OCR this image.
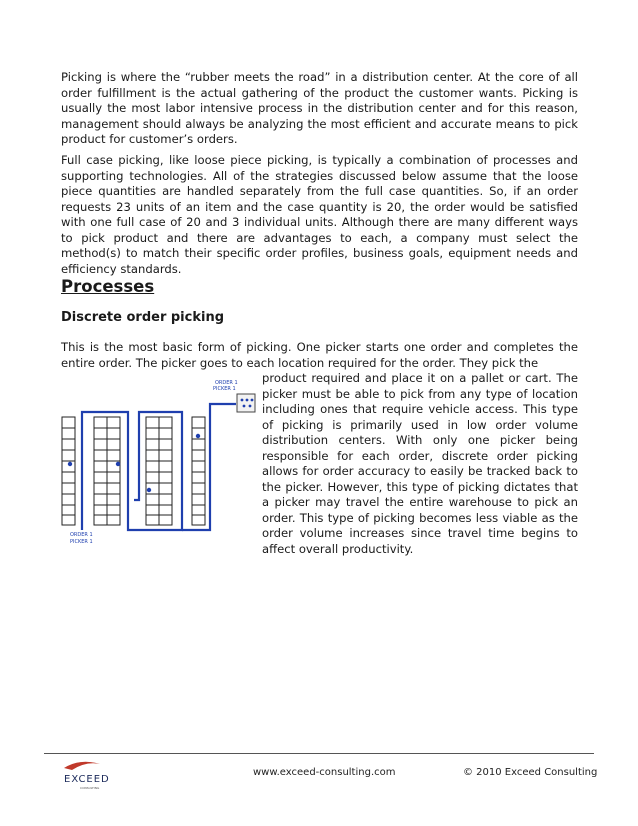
Picking is where the “rubber meets the road” in a distribution center. At the core of all order fulfillment is the actual gathering of the product the customer wants. Picking is usually the most labor intensive process in the distribution center and for this reason, management should always be analyzing the most efficient and accurate means to pick product for customer’s orders.

Full case picking, like loose piece picking, is typically a combination of processes and supporting technologies. All of the strategies discussed below assume that the loose piece quantities are handled separately from the full case quantities. So, if an order requests 23 units of an item and the case quantity is 20, the order would be satisfied with one full case of 20 and 3 individual units. Although there are many different ways to pick product and there are advantages to each, a company must select the method(s) to match their specific order profiles, business goals, equipment needs and efficiency standards.

Processes
Discrete order picking

This is the most basic form of picking. One picker starts one order and completes the entire order. The picker goes to each location required for the order. They pick the

product required and place it on a pallet or cart. The picker must be able to pick from any type of location including ones that require vehicle access. This type of picking is primarily used in low order volume distribution centers. With only one picker being responsible for each order, discrete order picking allows for order accuracy to easily be tracked back to the picker. However, this type of picking dictates that a picker may travel the entire warehouse to pick an order. This type of picking becomes less viable as the order volume increases since travel time begins to affect overall productivity.

ORDER 1
PICKER 1
ORDER 1
PICKER 1
EXCEED
CONSULTING
www.exceed-consulting.com	© 2010 Exceed Consulting
